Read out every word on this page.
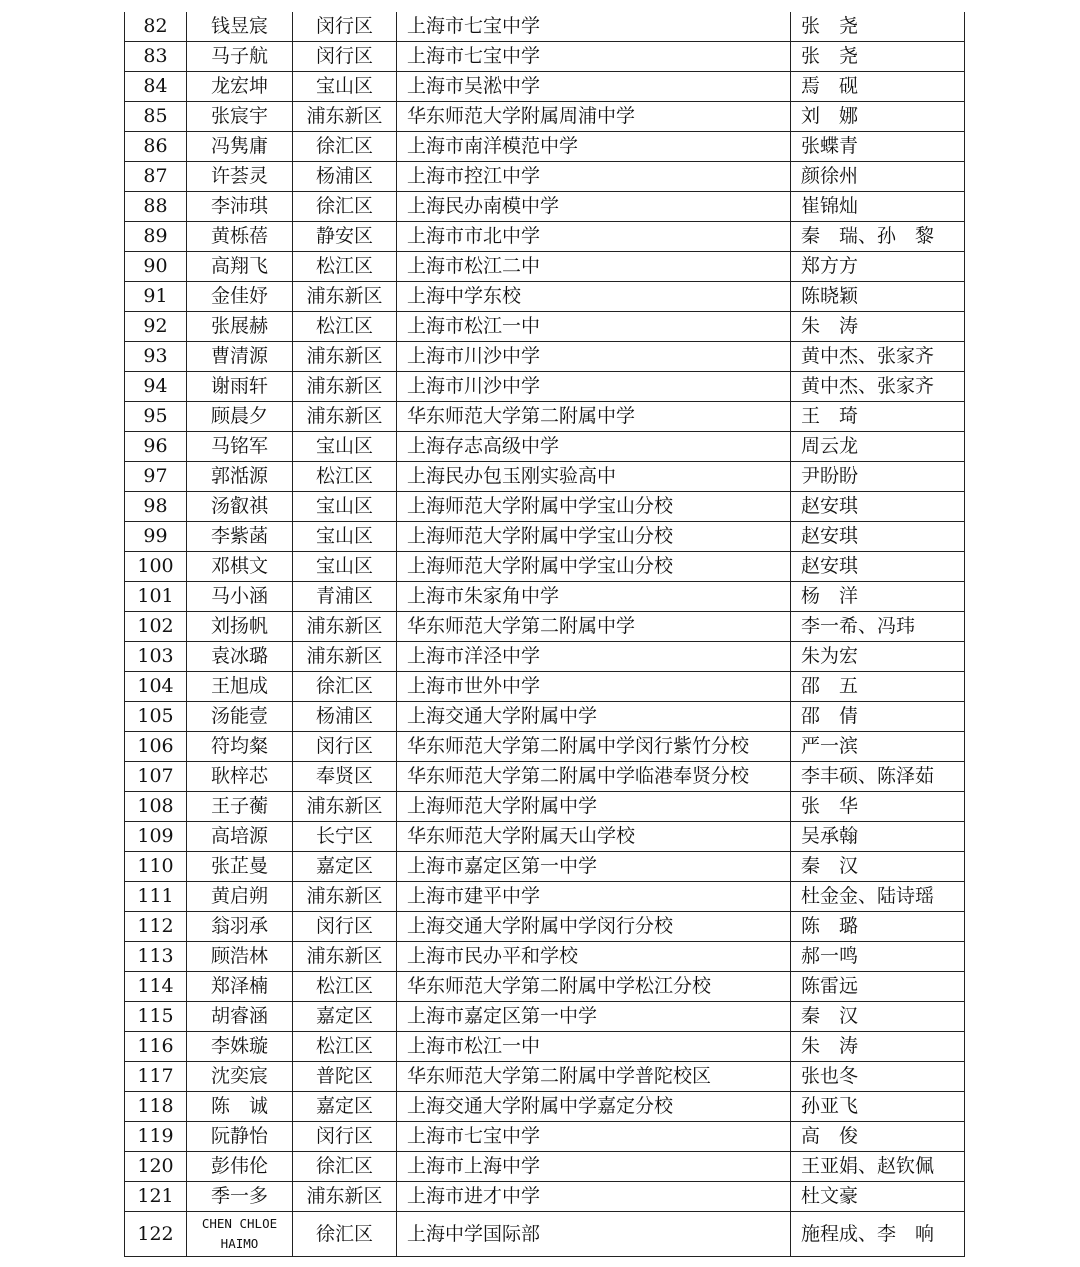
82	钱昱宸	闵行区	上海市七宝中学	张　尧
83	马子航	闵行区	上海市七宝中学	张　尧
84	龙宏坤	宝山区	上海市吴淞中学	焉　砚
85	张宸宇	浦东新区	华东师范大学附属周浦中学	刘　娜
86	冯隽庸	徐汇区	上海市南洋模范中学	张蝶青
87	许荟灵	杨浦区	上海市控江中学	颜徐州
88	李沛琪	徐汇区	上海民办南模中学	崔锦灿
89	黄栎蓓	静安区	上海市市北中学	秦　瑞、孙　黎
90	高翔飞	松江区	上海市松江二中	郑方方
91	金佳妤	浦东新区	上海中学东校	陈晓颖
92	张展赫	松江区	上海市松江一中	朱　涛
93	曹清源	浦东新区	上海市川沙中学	黄中杰、张家齐
94	谢雨轩	浦东新区	上海市川沙中学	黄中杰、张家齐
95	顾晨夕	浦东新区	华东师范大学第二附属中学	王　琦
96	马铭军	宝山区	上海存志高级中学	周云龙
97	郭湉源	松江区	上海民办包玉刚实验高中	尹盼盼
98	汤叡祺	宝山区	上海师范大学附属中学宝山分校	赵安琪
99	李紫菡	宝山区	上海师范大学附属中学宝山分校	赵安琪
100	邓棋文	宝山区	上海师范大学附属中学宝山分校	赵安琪
101	马小涵	青浦区	上海市朱家角中学	杨　洋
102	刘扬帆	浦东新区	华东师范大学第二附属中学	李一希、冯玮
103	袁冰璐	浦东新区	上海市洋泾中学	朱为宏
104	王旭成	徐汇区	上海市世外中学	邵　五
105	汤能壹	杨浦区	上海交通大学附属中学	邵　倩
106	符均粲	闵行区	华东师范大学第二附属中学闵行紫竹分校	严一滨
107	耿梓芯	奉贤区	华东师范大学第二附属中学临港奉贤分校	李丰硕、陈泽茹
108	王子蘅	浦东新区	上海师范大学附属中学	张　华
109	高培源	长宁区	华东师范大学附属天山学校	吴承翰
110	张芷曼	嘉定区	上海市嘉定区第一中学	秦　汉
111	黄启朔	浦东新区	上海市建平中学	杜金金、陆诗瑶
112	翁羽承	闵行区	上海交通大学附属中学闵行分校	陈　璐
113	顾浩林	浦东新区	上海市民办平和学校	郝一鸣
114	郑泽楠	松江区	华东师范大学第二附属中学松江分校	陈雷远
115	胡睿涵	嘉定区	上海市嘉定区第一中学	秦　汉
116	李姝璇	松江区	上海市松江一中	朱　涛
117	沈奕宸	普陀区	华东师范大学第二附属中学普陀校区	张也冬
118	陈　诚	嘉定区	上海交通大学附属中学嘉定分校	孙亚飞
119	阮静怡	闵行区	上海市七宝中学	高　俊
120	彭伟伦	徐汇区	上海市上海中学	王亚娟、赵钦佩
121	季一多	浦东新区	上海市进才中学	杜文豪
122	CHEN CHLOE HAIMO	徐汇区	上海中学国际部	施程成、李　响
